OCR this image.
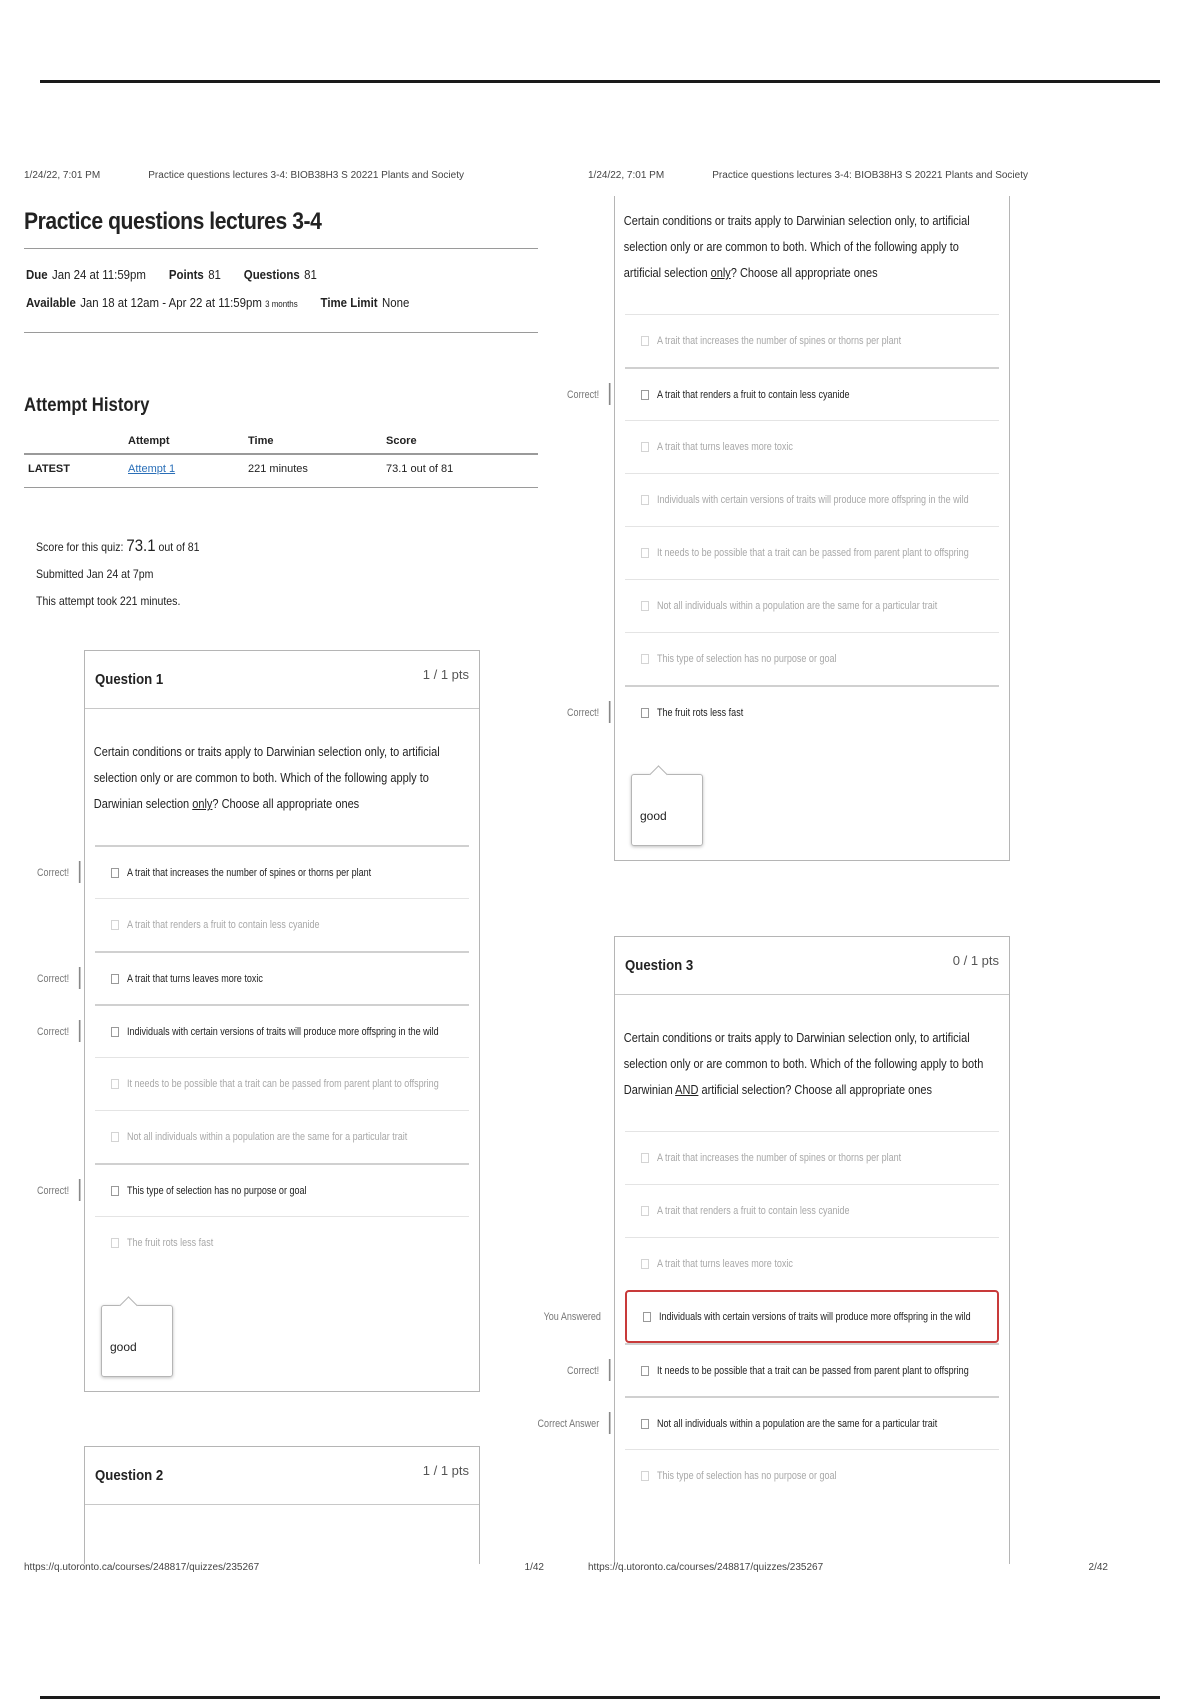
1/24/22, 7:01 PM	Practice questions lectures 3-4: BIOB38H3 S 20221 Plants and Society
Practice questions lectures 3-4
Due Jan 24 at 11:59pm Points 81 Questions 81
Available Jan 18 at 12am - Apr 22 at 11:59pm 3 months Time Limit None
Attempt History
	Attempt	Time	Score
LATEST	Attempt 1	221 minutes	73.1 out of 81
Score for this quiz: 73.1 out of 81
Submitted Jan 24 at 7pm
This attempt took 221 minutes.
Question 1	1 / 1 pts
Certain conditions or traits apply to Darwinian selection only, to artificial selection only or are common to both. Which of the following apply to Darwinian selection only? Choose all appropriate ones
Correct!	A trait that increases the number of spines or thorns per plant
A trait that renders a fruit to contain less cyanide
Correct!	A trait that turns leaves more toxic
Correct!	Individuals with certain versions of traits will produce more offspring in the wild
It needs to be possible that a trait can be passed from parent plant to offspring
Not all individuals within a population are the same for a particular trait
Correct!	This type of selection has no purpose or goal
The fruit rots less fast
good
Question 2	1 / 1 pts
https://q.utoronto.ca/courses/248817/quizzes/235267	1/42
1/24/22, 7:01 PM	Practice questions lectures 3-4: BIOB38H3 S 20221 Plants and Society
Certain conditions or traits apply to Darwinian selection only, to artificial selection only or are common to both. Which of the following apply to artificial selection only? Choose all appropriate ones
A trait that increases the number of spines or thorns per plant
Correct!	A trait that renders a fruit to contain less cyanide
A trait that turns leaves more toxic
Individuals with certain versions of traits will produce more offspring in the wild
It needs to be possible that a trait can be passed from parent plant to offspring
Not all individuals within a population are the same for a particular trait
This type of selection has no purpose or goal
Correct!	The fruit rots less fast
good
Question 3	0 / 1 pts
Certain conditions or traits apply to Darwinian selection only, to artificial selection only or are common to both. Which of the following apply to both Darwinian AND artificial selection? Choose all appropriate ones
A trait that increases the number of spines or thorns per plant
A trait that renders a fruit to contain less cyanide
A trait that turns leaves more toxic
You Answered	Individuals with certain versions of traits will produce more offspring in the wild
Correct!	It needs to be possible that a trait can be passed from parent plant to offspring
Correct Answer	Not all individuals within a population are the same for a particular trait
This type of selection has no purpose or goal
https://q.utoronto.ca/courses/248817/quizzes/235267	2/42
